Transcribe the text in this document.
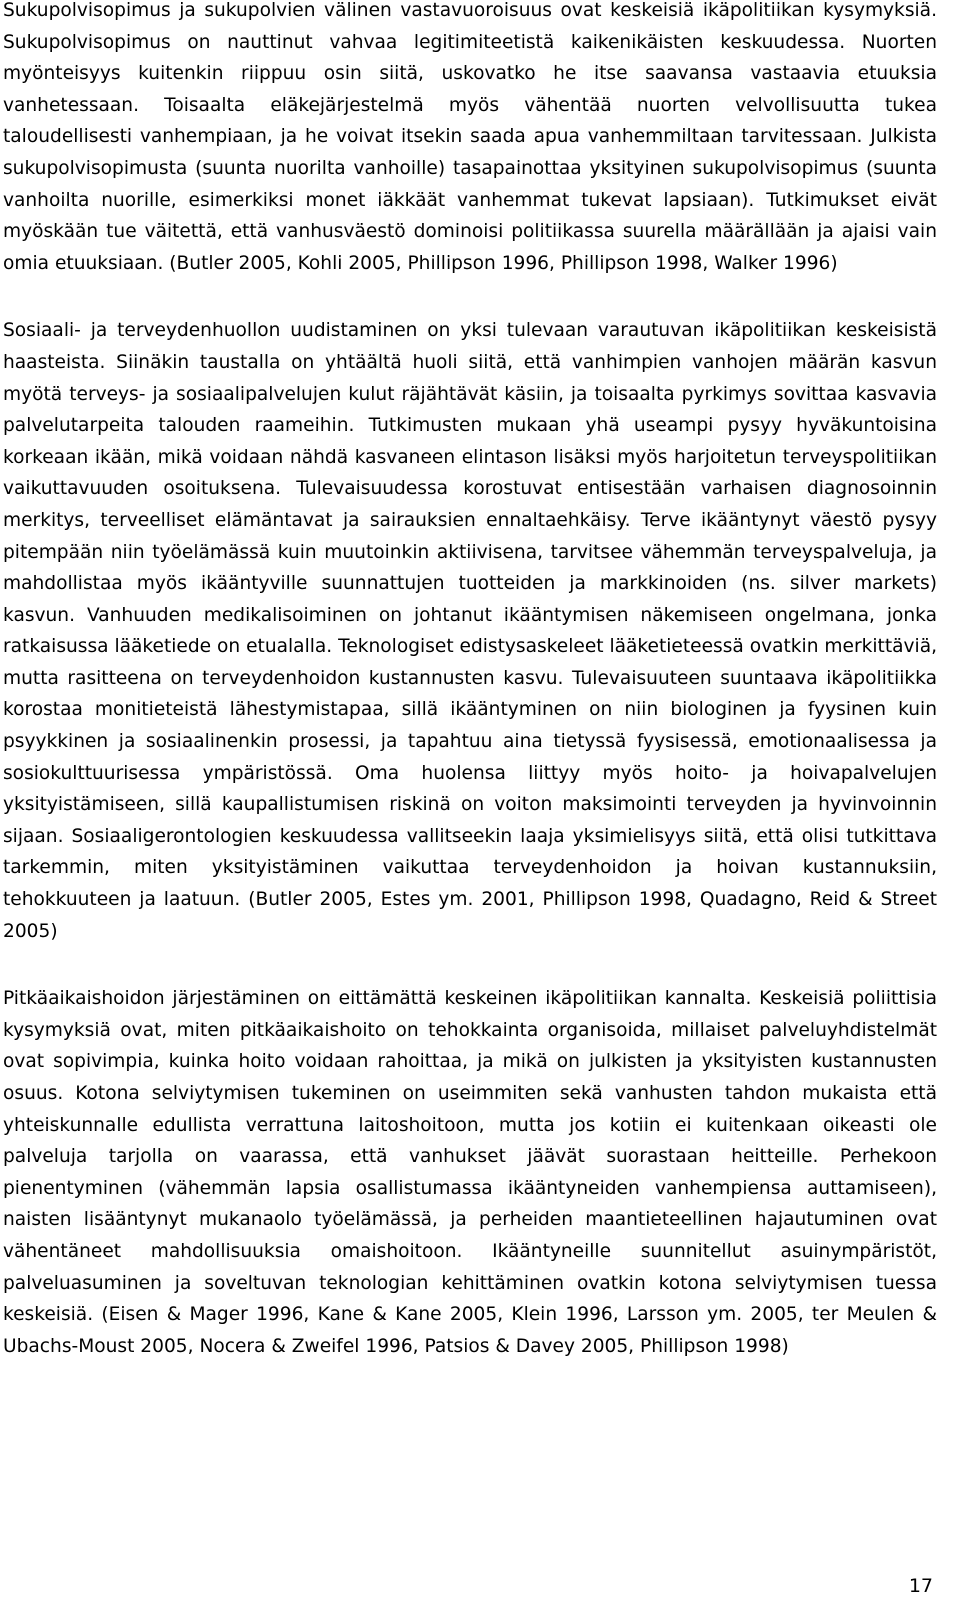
Sukupolvisopimus ja sukupolvien välinen vastavuoroisuus ovat keskeisiä ikäpolitiikan kysymyksiä. Sukupolvisopimus on nauttinut vahvaa legitimiteetistä kaikenikäisten keskuudessa. Nuorten myönteisyys kuitenkin riippuu osin siitä, uskovatko he itse saavansa vastaavia etuuksia vanhetessaan. Toisaalta eläkejärjestelmä myös vähentää nuorten velvollisuutta tukea taloudellisesti vanhempiaan, ja he voivat itsekin saada apua vanhemmiltaan tarvitessaan. Julkista sukupolvisopimusta (suunta nuorilta vanhoille) tasapainottaa yksityinen sukupolvisopimus (suunta vanhoilta nuorille, esimerkiksi monet iäkkäät vanhemmat tukevat lapsiaan). Tutkimukset eivät myöskään tue väitettä, että vanhusväestö dominoisi politiikassa suurella määrällään ja ajaisi vain omia etuuksiaan. (Butler 2005, Kohli 2005, Phillipson 1996, Phillipson 1998, Walker 1996)

Sosiaali- ja terveydenhuollon uudistaminen on yksi tulevaan varautuvan ikäpolitiikan keskeisistä haasteista. Siinäkin taustalla on yhtäältä huoli siitä, että vanhimpien vanhojen määrän kasvun myötä terveys- ja sosiaalipalvelujen kulut räjähtävät käsiin, ja toisaalta pyrkimys sovittaa kasvavia palvelutarpeita talouden raameihin. Tutkimusten mukaan yhä useampi pysyy hyväkuntoisina korkeaan ikään, mikä voidaan nähdä kasvaneen elintason lisäksi myös harjoitetun terveyspolitiikan vaikuttavuuden osoituksena. Tulevaisuudessa korostuvat entisestään varhaisen diagnosoinnin merkitys, terveelliset elämäntavat ja sairauksien ennaltaehkäisy. Terve ikääntynyt väestö pysyy pitempään niin työelämässä kuin muutoinkin aktiivisena, tarvitsee vähemmän terveyspalveluja, ja mahdollistaa myös ikääntyville suunnattujen tuotteiden ja markkinoiden (ns. silver markets) kasvun. Vanhuuden medikalisoiminen on johtanut ikääntymisen näkemiseen ongelmana, jonka ratkaisussa lääketiede on etualalla. Teknologiset edistysaskeleet lääketieteessä ovatkin merkittäviä, mutta rasitteena on terveydenhoidon kustannusten kasvu. Tulevaisuuteen suuntaava ikäpolitiikka korostaa monitieteistä lähestymistapaa, sillä ikääntyminen on niin biologinen ja fyysinen kuin psyykkinen ja sosiaalinenkin prosessi, ja tapahtuu aina tietyssä fyysisessä, emotionaalisessa ja sosiokulttuurisessa ympäristössä. Oma huolensa liittyy myös hoito- ja hoivapalvelujen yksityistämiseen, sillä kaupallistumisen riskinä on voiton maksimointi terveyden ja hyvinvoinnin sijaan. Sosiaaligerontologien keskuudessa vallitseekin laaja yksimielisyys siitä, että olisi tutkittava tarkemmin, miten yksityistäminen vaikuttaa terveydenhoidon ja hoivan kustannuksiin, tehokkuuteen ja laatuun. (Butler 2005, Estes ym. 2001, Phillipson 1998, Quadagno, Reid & Street 2005)

Pitkäaikaishoidon järjestäminen on eittämättä keskeinen ikäpolitiikan kannalta. Keskeisiä poliittisia kysymyksiä ovat, miten pitkäaikaishoito on tehokkainta organisoida, millaiset palveluyhdistelmät ovat sopivimpia, kuinka hoito voidaan rahoittaa, ja mikä on julkisten ja yksityisten kustannusten osuus. Kotona selviytymisen tukeminen on useimmiten sekä vanhusten tahdon mukaista että yhteiskunnalle edullista verrattuna laitoshoitoon, mutta jos kotiin ei kuitenkaan oikeasti ole palveluja tarjolla on vaarassa, että vanhukset jäävät suorastaan heitteille. Perhekoon pienentyminen (vähemmän lapsia osallistumassa ikääntyneiden vanhempiensa auttamiseen), naisten lisääntynyt mukanaolo työelämässä, ja perheiden maantieteellinen hajautuminen ovat vähentäneet mahdollisuuksia omaishoitoon. Ikääntyneille suunnitellut asuinympäristöt, palveluasuminen ja soveltuvan teknologian kehittäminen ovatkin kotona selviytymisen tuessa keskeisiä. (Eisen & Mager 1996, Kane & Kane 2005, Klein 1996, Larsson ym. 2005, ter Meulen & Ubachs-Moust 2005, Nocera & Zweifel 1996, Patsios & Davey 2005, Phillipson 1998)

17
